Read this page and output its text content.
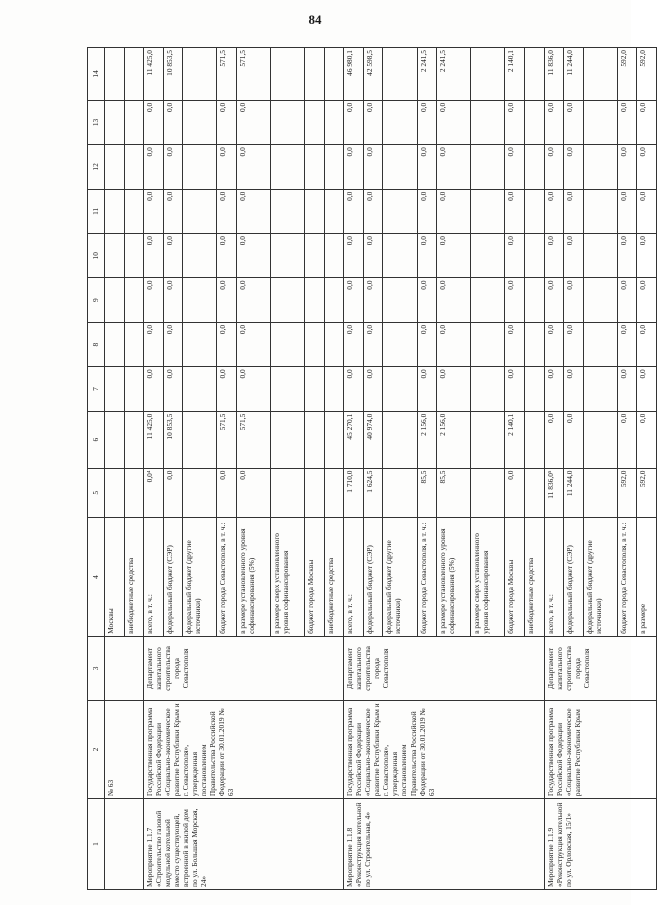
84
1	2	3	4	5	6	7	8	9	10	11	12	13	14
	№ 63		Москвы										
			внебюджетные средства										
Мероприятие 1.1.7 «Строительство газовой модульной котельной вместо существующей, встроенной в жилой дом по ул. Большая Морская, 24»	Государственная программа Российской Федерации «Социально-экономическое развитие Республики Крым и г. Севастополя», утвержденная постановлением Правительства Российской Федерации от 30.01.2019 № 63	Департамент капитального строительства города Севастополя	всего, в т. ч.:	0,0⁴	11 425,0	0,0	0,0	0,0	0,0	0,0	0,0	0,0	11 425,0
			федеральный бюджет (СЭР)	0,0	10 853,5	0,0	0,0	0,0	0,0	0,0	0,0	0,0	10 853,5
			федеральный бюджет (другие источники)										
			бюджет города Севастополя, в т. ч.:	0,0	571,5	0,0	0,0	0,0	0,0	0,0	0,0	0,0	571,5
			в размере установленного уровня софинансирования (5%)	0,0	571,5	0,0	0,0	0,0	0,0	0,0	0,0	0,0	571,5
			в размере сверх установленного уровня софинансирования										
			бюджет города Москвы										
			внебюджетные средства										
Мероприятие 1.1.8 «Реконструкция котельной по ул. Строительная, 4»	Государственная программа Российской Федерации «Социально-экономическое развитие Республики Крым и г. Севастополя», утвержденная постановлением Правительства Российской Федерации от 30.01.2019 № 63	Департамент капитального строительства города Севастополя	всего, в т. ч.:	1 710,0	45 270,1	0,0	0,0	0,0	0,0	0,0	0,0	0,0	46 980,1
			федеральный бюджет (СЭР)	1 624,5	40 974,0	0,0	0,0	0,0	0,0	0,0	0,0	0,0	42 598,5
			федеральный бюджет (другие источники)										
			бюджет города Севастополя, в т. ч.:	85,5	2 156,0	0,0	0,0	0,0	0,0	0,0	0,0	0,0	2 241,5
			в размере установленного уровня софинансирования (5%)	85,5	2 156,0	0,0	0,0	0,0	0,0	0,0	0,0	0,0	2 241,5
			в размере сверх установленного уровня софинансирования										
			бюджет города Москвы	0,0	2 140,1	0,0	0,0	0,0	0,0	0,0	0,0	0,0	2 140,1
			внебюджетные средства										
Мероприятие 1.1.9 «Реконструкция котельной по ул. Орловская, 15/1»	Государственная программа Российской Федерации «Социально-экономическое развитие Республики Крым	Департамент капитального строительства города Севастополя	всего, в т. ч.:	11 836,0⁵	0,0	0,0	0,0	0,0	0,0	0,0	0,0	0,0	11 836,0
			федеральный бюджет (СЭР)	11 244,0	0,0	0,0	0,0	0,0	0,0	0,0	0,0	0,0	11 244,0
			федеральный бюджет (другие источники)										
			бюджет города Севастополя, в т. ч.:	592,0	0,0	0,0	0,0	0,0	0,0	0,0	0,0	0,0	592,0
			в размере	592,0	0,0	0,0	0,0	0,0	0,0	0,0	0,0	0,0	592,0
